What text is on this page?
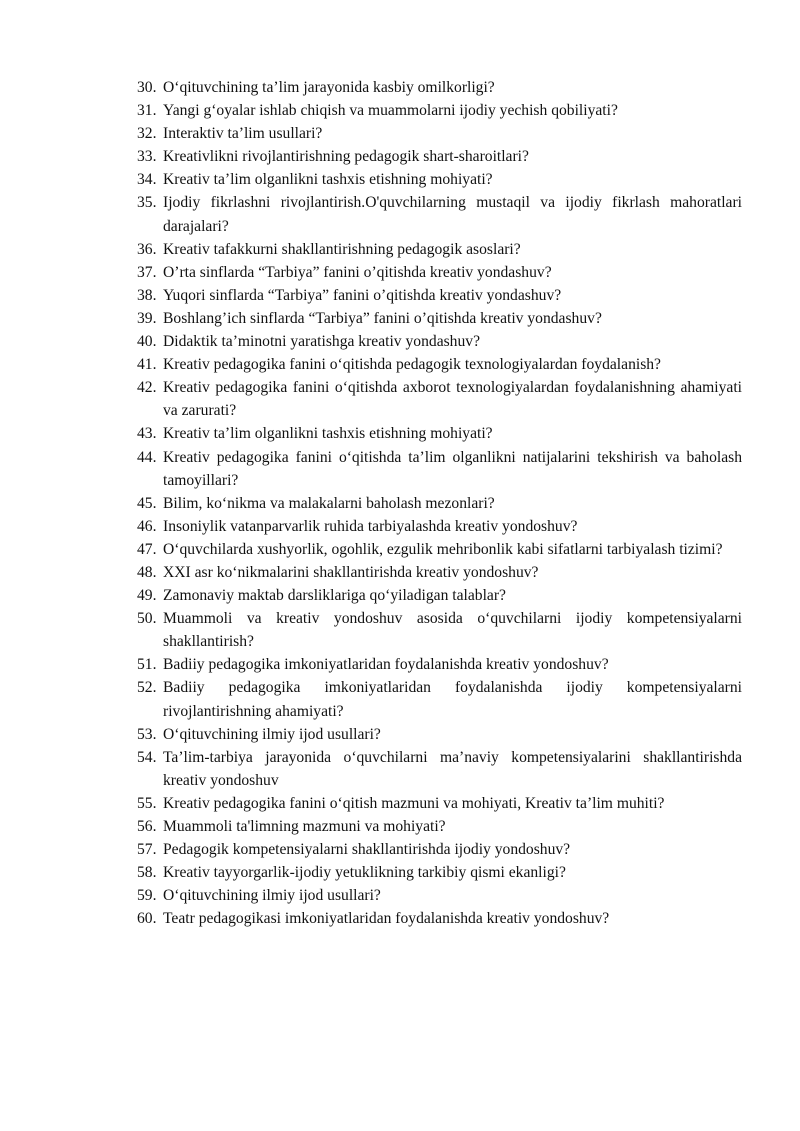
30. O‘qituvchining ta’lim jarayonida kasbiy omilkorligi?
31. Yangi g‘oyalar ishlab chiqish va muammolarni ijodiy yechish qobiliyati?
32. Interaktiv ta’lim usullari?
33. Kreativlikni rivojlantirishning pedagogik shart-sharoitlari?
34. Kreativ ta’lim olganlikni tashxis etishning mohiyati?
35. Ijodiy fikrlashni rivojlantirish.O'quvchilarning mustaqil va ijodiy fikrlash mahoratlari darajalari?
36. Kreativ tafakkurni shakllantirishning pedagogik asoslari?
37. O’rta sinflarda “Tarbiya” fanini o’qitishda kreativ yondashuv?
38. Yuqori sinflarda “Tarbiya” fanini o’qitishda kreativ yondashuv?
39. Boshlang’ich sinflarda “Tarbiya” fanini o’qitishda kreativ yondashuv?
40. Didaktik ta’minotni yaratishga kreativ yondashuv?
41. Kreativ pedagogika fanini o‘qitishda pedagogik texnologiyalardan foydalanish?
42. Kreativ pedagogika fanini o‘qitishda axborot texnologiyalardan foydalanishning ahamiyati va zarurati?
43. Kreativ ta’lim olganlikni tashxis etishning mohiyati?
44. Kreativ pedagogika fanini o‘qitishda ta’lim olganlikni natijalarini tekshirish va baholash tamoyillari?
45. Bilim, ko‘nikma va malakalarni baholash mezonlari?
46. Insoniylik vatanparvarlik ruhida tarbiyalashda kreativ yondoshuv?
47. O‘quvchilarda xushyorlik, ogohlik, ezgulik mehribonlik kabi sifatlarni tarbiyalash tizimi?
48. XXI asr ko‘nikmalarini shakllantirishda kreativ yondoshuv?
49. Zamonaviy maktab darsliklariga qo‘yiladigan talablar?
50. Muammoli va kreativ yondoshuv asosida o‘quvchilarni ijodiy kompetensiyalarni shakllantirish?
51. Badiiy pedagogika imkoniyatlaridan foydalanishda kreativ yondoshuv?
52. Badiiy pedagogika imkoniyatlaridan foydalanishda ijodiy kompetensiyalarni rivojlantirishning ahamiyati?
53. O‘qituvchining ilmiy ijod usullari?
54. Ta’lim-tarbiya jarayonida o‘quvchilarni ma’naviy kompetensiyalarini shakllantirishda kreativ yondoshuv
55. Kreativ pedagogika fanini o‘qitish mazmuni va mohiyati, Kreativ ta’lim muhiti?
56. Muammoli ta'limning mazmuni va mohiyati?
57. Pedagogik kompetensiyalarni shakllantirishda ijodiy yondoshuv?
58. Kreativ tayyorgarlik-ijodiy yetuklikning tarkibiy qismi ekanligi?
59. O‘qituvchining ilmiy ijod usullari?
60. Teatr pedagogikasi imkoniyatlaridan foydalanishda kreativ yondoshuv?
